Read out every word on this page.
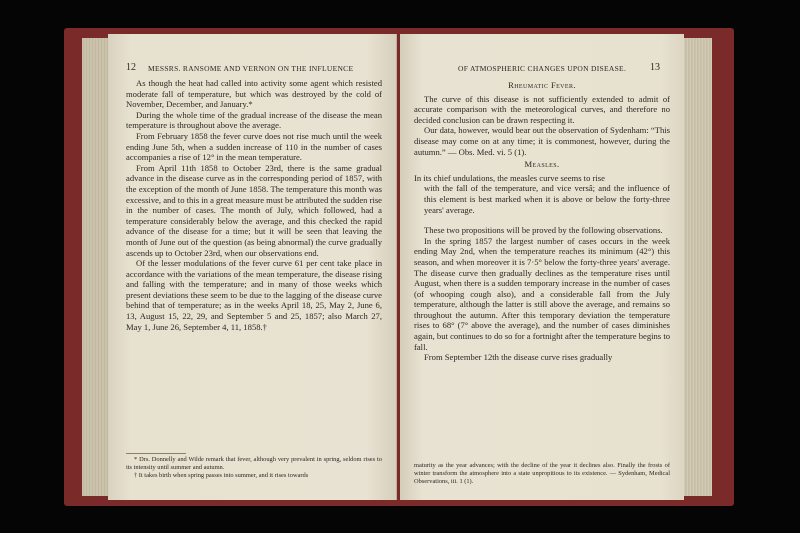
12 MESSRS. RANSOME AND VERNON ON THE INFLUENCE

As though the heat had called into activity some agent which resisted moderate fall of temperature, but which was destroyed by the cold of November, December, and January.*

During the whole time of the gradual increase of the disease the mean temperature is throughout above the average.

From February 1858 the fever curve does not rise much until the week ending June 5th, when a sudden increase of 110 in the number of cases accompanies a rise of 12° in the mean temperature.

From April 11th 1858 to October 23rd, there is the same gradual advance in the disease curve as in the corresponding period of 1857, with the exception of the month of June 1858. The temperature this month was excessive, and to this in a great measure must be attributed the sudden rise in the number of cases. The month of July, which followed, had a temperature considerably below the average, and this checked the rapid advance of the disease for a time; but it will be seen that leaving the month of June out of the question (as being abnormal) the curve gradually ascends up to October 23rd, when our observations end.

Of the lesser modulations of the fever curve 61 per cent take place in accordance with the variations of the mean temperature, the disease rising and falling with the temperature; and in many of those weeks which present deviations these seem to be due to the lagging of the disease curve behind that of temperature; as in the weeks April 18, 25, May 2, June 6, 13, August 15, 22, 29, and September 5 and 25, 1857; also March 27, May 1, June 26, September 4, 11, 1858.†

* Drs. Donnelly and Wilde remark that fever, although very prevalent in spring, seldom rises to its intensity until summer and autumn.

† It takes birth when spring passes into summer, and it rises towards

OF ATMOSPHERIC CHANGES UPON DISEASE. 13

Rheumatic Fever.

The curve of this disease is not sufficiently extended to admit of accurate comparison with the meteorological curves, and therefore no decided conclusion can be drawn respecting it.

Our data, however, would bear out the observation of Sydenham: “This disease may come on at any time; it is commonest, however, during the autumn.” — Obs. Med. vi. 5 (1).

Measles.

In its chief undulations, the measles curve seems to rise

with the fall of the temperature, and vice versâ; and the influence of this element is best marked when it is above or below the forty-three years' average.

These two propositions will be proved by the following observations.

In the spring 1857 the largest number of cases occurs in the week ending May 2nd, when the temperature reaches its minimum (42°) this season, and when moreover it is 7·5° below the forty-three years' average. The disease curve then gradually declines as the temperature rises until August, when there is a sudden temporary increase in the number of cases (of whooping cough also), and a considerable fall from the July temperature, although the latter is still above the average, and remains so throughout the autumn. After this temporary deviation the temperature rises to 68° (7° above the average), and the number of cases diminishes again, but continues to do so for a fortnight after the temperature begins to fall.

From September 12th the disease curve rises gradually

maturity as the year advances; with the decline of the year it declines also. Finally the frosts of winter transform the atmosphere into a state unpropitious to its existence. — Sydenham, Medical Observations, iii. 1 (1).
